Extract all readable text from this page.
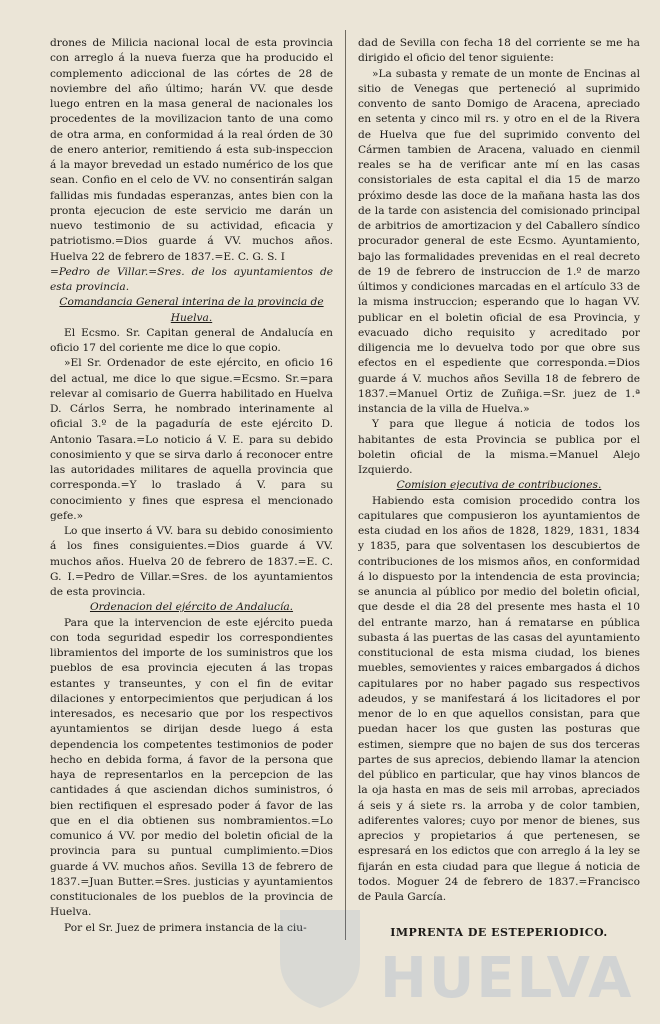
drones de Milicia nacional local de esta provincia con arreglo á la nueva fuerza que ha producido el complemento adiccional de las córtes de 28 de noviembre del año último; harán VV. que desde luego entren en la masa general de nacionales los procedentes de la movilizacion tanto de una como de otra arma, en conformidad á la real órden de 30 de enero anterior, remitiendo á esta sub-inspeccion á la mayor brevedad un estado numérico de los que sean. Confio en el celo de VV. no consentirán salgan fallidas mis fundadas esperanzas, antes bien con la pronta ejecucion de este servicio me darán un nuevo testimonio de su actividad, eficacia y patriotismo.=Dios guarde á VV. muchos años. Huelva 22 de febrero de 1837.=E. C. G. S. I

=Pedro de Villar.=Sres. de los ayuntamientos de esta provincia.

Comandancia General interina de la provincia de Huelva.

El Ecsmo. Sr. Capitan general de Andalucía en oficio 17 del coriente me dice lo que copio.

»El Sr. Ordenador de este ejército, en oficio 16 del actual, me dice lo que sigue.=Ecsmo. Sr.=para relevar al comisario de Guerra habilitado en Huelva D. Cárlos Serra, he nombrado interinamente al oficial 3.º de la pagaduría de este ejército D. Antonio Tasara.=Lo noticio á V. E. para su debido conosimiento y que se sirva darlo á reconocer entre las autoridades militares de aquella provincia que corresponda.=Y lo traslado á V. para su conocimiento y fines que espresa el mencionado gefe.»

Lo que inserto á VV. bara su debido conosimiento á los fines consiguientes.=Dios guarde á VV. muchos años. Huelva 20 de febrero de 1837.=E. C. G. I.=Pedro de Villar.=Sres. de los ayuntamientos de esta provincia.

Ordenacion del ejército de Andalucía.

Para que la intervencion de este ejército pueda con toda seguridad espedir los correspondientes libramientos del importe de los suministros que los pueblos de esa provincia ejecuten á las tropas estantes y transeuntes, y con el fin de evitar dilaciones y entorpecimientos que perjudican á los interesados, es necesario que por los respectivos ayuntamientos se dirijan desde luego á esta dependencia los competentes testimonios de poder hecho en debida forma, á favor de la persona que haya de representarlos en la percepcion de las cantidades á que asciendan dichos suministros, ó bien rectifiquen el espresado poder á favor de las que en el dia obtienen sus nombramientos.=Lo comunico á VV. por medio del boletin oficial de la provincia para su puntual cumplimiento.=Dios guarde á VV. muchos años. Sevilla 13 de febrero de 1837.=Juan Butter.=Sres. justicias y ayuntamientos constitucionales de los pueblos de la provincia de Huelva.

Por el Sr. Juez de primera instancia de la ciu-

dad de Sevilla con fecha 18 del corriente se me ha dirigido el oficio del tenor siguiente:

»La subasta y remate de un monte de Encinas al sitio de Venegas que perteneció al suprimido convento de santo Domigo de Aracena, apreciado en setenta y cinco mil rs. y otro en el de la Rivera de Huelva que fue del suprimido convento del Cármen tambien de Aracena, valuado en cienmil reales se ha de verificar ante mí en las casas consistoriales de esta capital el dia 15 de marzo próximo desde las doce de la mañana hasta las dos de la tarde con asistencia del comisionado principal de arbitrios de amortizacion y del Caballero síndico procurador general de este Ecsmo. Ayuntamiento, bajo las formalidades prevenidas en el real decreto de 19 de febrero de instruccion de 1.º de marzo últimos y condiciones marcadas en el artículo 33 de la misma instruccion; esperando que lo hagan VV. publicar en el boletin oficial de esa Provincia, y evacuado dicho requisito y acreditado por diligencia me lo devuelva todo por que obre sus efectos en el espediente que corresponda.=Dios guarde á V. muchos años Sevilla 18 de febrero de 1837.=Manuel Ortiz de Zuñiga.=Sr. juez de 1.ª instancia de la villa de Huelva.»

Y para que llegue á noticia de todos los habitantes de esta Provincia se publica por el boletin oficial de la misma.=Manuel Alejo Izquierdo.

Comision ejecutiva de contribuciones.

Habiendo esta comision procedido contra los capitulares que compusieron los ayuntamientos de esta ciudad en los años de 1828, 1829, 1831, 1834 y 1835, para que solventasen los descubiertos de contribuciones de los mismos años, en conformidad á lo dispuesto por la intendencia de esta provincia; se anuncia al público por medio del boletin oficial, que desde el dia 28 del presente mes hasta el 10 del entrante marzo, han á rematarse en pública subasta á las puertas de las casas del ayuntamiento constitucional de esta misma ciudad, los bienes muebles, semovientes y raices embargados á dichos capitulares por no haber pagado sus respectivos adeudos, y se manifestará á los licitadores el por menor de lo en que aquellos consistan, para que puedan hacer los que gusten las posturas que estimen, siempre que no bajen de sus dos terceras partes de sus aprecios, debiendo llamar la atencion del público en particular, que hay vinos blancos de la oja hasta en mas de seis mil arrobas, apreciados á seis y á siete rs. la arroba y de color tambien, adiferentes valores; cuyo por menor de bienes, sus aprecios y propietarios á que pertenesen, se espresará en los edictos que con arreglo á la ley se fijarán en esta ciudad para que llegue á noticia de todos. Moguer 24 de febrero de 1837.=Francisco de Paula García.

IMPRENTA DE ESTEPERIODICO.

HUELVA
